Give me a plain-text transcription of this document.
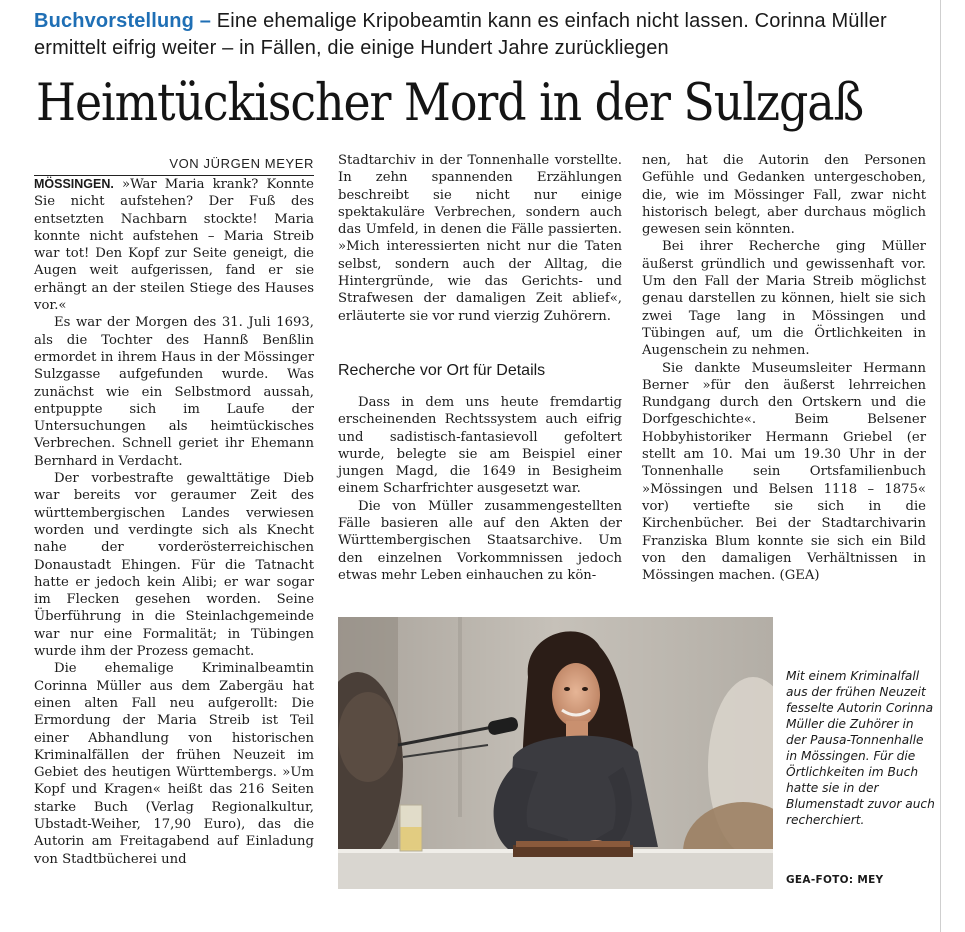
Buchvorstellung – Eine ehemalige Kripobeamtin kann es einfach nicht lassen. Corinna Müller ermittelt eifrig weiter – in Fällen, die einige Hundert Jahre zurückliegen
Heimtückischer Mord in der Sulzgaß
VON JÜRGEN MEYER

MÖSSINGEN. »War Maria krank? Konnte Sie nicht aufstehen? Der Fuß des entsetzten Nachbarn stockte! Maria konnte nicht aufstehen – Maria Streib war tot! Den Kopf zur Seite geneigt, die Augen weit aufgerissen, fand er sie erhängt an der steilen Stiege des Hauses vor.«

Es war der Morgen des 31. Juli 1693, als die Tochter des Hannß Benßlin ermordet in ihrem Haus in der Mössinger Sulzgasse aufgefunden wurde. Was zunächst wie ein Selbstmord aussah, entpuppte sich im Laufe der Untersuchungen als heimtückisches Verbrechen. Schnell geriet ihr Ehemann Bernhard in Verdacht.

Der vorbestrafte gewalttätige Dieb war bereits vor geraumer Zeit des württembergischen Landes verwiesen worden und verdingte sich als Knecht nahe der vorderösterreichischen Donaustadt Ehingen. Für die Tatnacht hatte er jedoch kein Alibi; er war sogar im Flecken gesehen worden. Seine Überführung in die Steinlachgemeinde war nur eine Formalität; in Tübingen wurde ihm der Prozess gemacht.

Die ehemalige Kriminalbeamtin Corinna Müller aus dem Zabergäu hat einen alten Fall neu aufgerollt: Die Ermordung der Maria Streib ist Teil einer Abhandlung von historischen Kriminalfällen der frühen Neuzeit im Gebiet des heutigen Württembergs. »Um Kopf und Kragen« heißt das 216 Seiten starke Buch (Verlag Regionalkultur, Ubstadt-Weiher, 17,90 Euro), das die Autorin am Freitagabend auf Einladung von Stadtbücherei und

Stadtarchiv in der Tonnenhalle vorstellte. In zehn spannenden Erzählungen beschreibt sie nicht nur einige spektakuläre Verbrechen, sondern auch das Umfeld, in denen die Fälle passierten. »Mich interessierten nicht nur die Taten selbst, sondern auch der Alltag, die Hintergründe, wie das Gerichts- und Strafwesen der damaligen Zeit ablief«, erläuterte sie vor rund vierzig Zuhörern.

Recherche vor Ort für Details

Dass in dem uns heute fremdartig erscheinenden Rechtssystem auch eifrig und sadistisch-fantasievoll gefoltert wurde, belegte sie am Beispiel einer jungen Magd, die 1649 in Besigheim einem Scharfrichter ausgesetzt war.

Die von Müller zusammengestellten Fälle basieren alle auf den Akten der Württembergischen Staatsarchive. Um den einzelnen Vorkommnissen jedoch etwas mehr Leben einhauchen zu kön-

nen, hat die Autorin den Personen Gefühle und Gedanken untergeschoben, die, wie im Mössinger Fall, zwar nicht historisch belegt, aber durchaus möglich gewesen sein könnten.

Bei ihrer Recherche ging Müller äußerst gründlich und gewissenhaft vor. Um den Fall der Maria Streib möglichst genau darstellen zu können, hielt sie sich zwei Tage lang in Mössingen und Tübingen auf, um die Örtlichkeiten in Augenschein zu nehmen.

Sie dankte Museumsleiter Hermann Berner »für den äußerst lehrreichen Rundgang durch den Ortskern und die Dorfgeschichte«. Beim Belsener Hobbyhistoriker Hermann Griebel (er stellt am 10. Mai um 19.30 Uhr in der Tonnenhalle sein Ortsfamilienbuch »Mössingen und Belsen 1118 – 1875« vor) vertiefte sie sich in die Kirchenbücher. Bei der Stadtarchivarin Franziska Blum konnte sie sich ein Bild von den damaligen Verhältnissen in Mössingen machen. (GEA)

Mit einem Kriminalfall aus der frühen Neuzeit fesselte Autorin Corinna Müller die Zuhörer in der Pausa-Tonnenhalle in Mössingen. Für die Örtlichkeiten im Buch hatte sie in der Blumenstadt zuvor auch recherchiert.
GEA-FOTO: MEY
